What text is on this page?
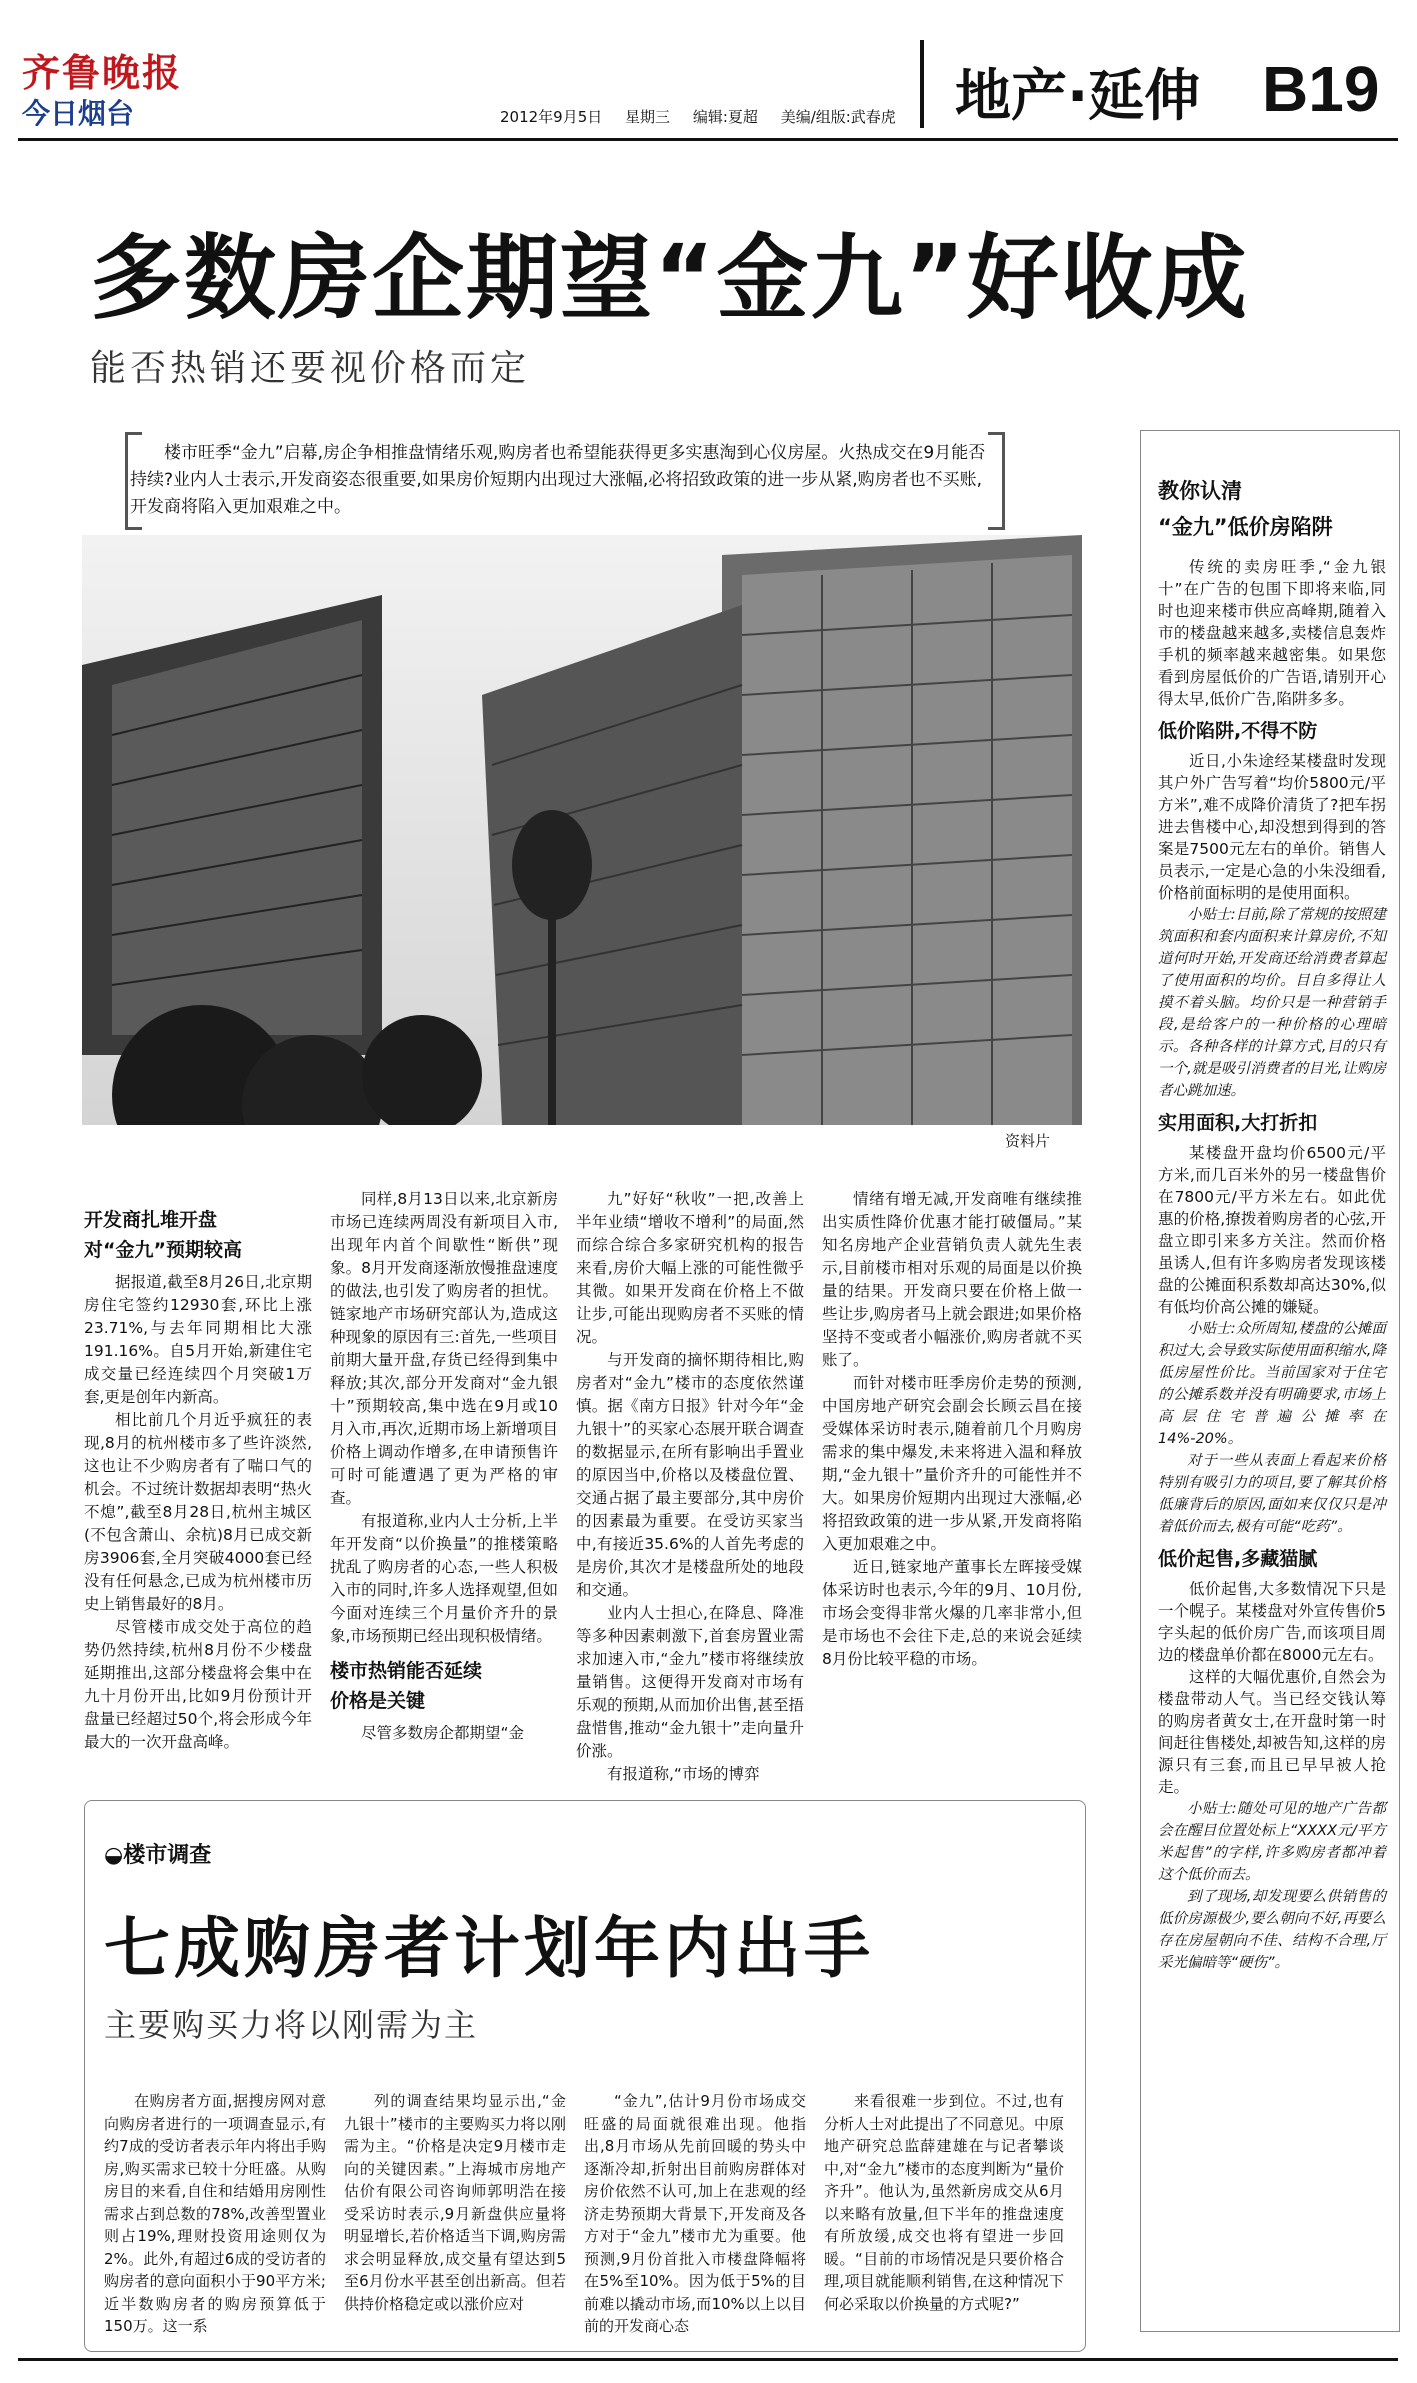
齐鲁晚报
今日烟台	2012年9月5日 星期三 编辑:夏超 美编/组版:武春虎	地产·延伸 B19
多数房企期望“金九”好收成
能否热销还要视价格而定
楼市旺季“金九”启幕,房企争相推盘情绪乐观,购房者也希望能获得更多实惠淘到心仪房屋。火热成交在9月能否持续?业内人士表示,开发商姿态很重要,如果房价短期内出现过大涨幅,必将招致政策的进一步从紧,购房者也不买账,开发商将陷入更加艰难之中。
资料片
开发商扎堆开盘
对“金九”预期较高

据报道,截至8月26日,北京期房住宅签约12930套,环比上涨23.71%,与去年同期相比大涨191.16%。自5月开始,新建住宅成交量已经连续四个月突破1万套,更是创年内新高。

相比前几个月近乎疯狂的表现,8月的杭州楼市多了些许淡然,这也让不少购房者有了喘口气的机会。不过统计数据却表明“热火不熄”,截至8月28日,杭州主城区(不包含萧山、余杭)8月已成交新房3906套,全月突破4000套已经没有任何悬念,已成为杭州楼市历史上销售最好的8月。

尽管楼市成交处于高位的趋势仍然持续,杭州8月份不少楼盘延期推出,这部分楼盘将会集中在九十月份开出,比如9月份预计开盘量已经超过50个,将会形成今年最大的一次开盘高峰。

同样,8月13日以来,北京新房市场已连续两周没有新项目入市,出现年内首个间歇性“断供”现象。8月开发商逐渐放慢推盘速度的做法,也引发了购房者的担忧。链家地产市场研究部认为,造成这种现象的原因有三:首先,一些项目前期大量开盘,存货已经得到集中释放;其次,部分开发商对“金九银十”预期较高,集中选在9月或10月入市,再次,近期市场上新增项目价格上调动作增多,在申请预售许可时可能遭遇了更为严格的审查。

有报道称,业内人士分析,上半年开发商“以价换量”的推楼策略扰乱了购房者的心态,一些人积极入市的同时,许多人选择观望,但如今面对连续三个月量价齐升的景象,市场预期已经出现积极情绪。

楼市热销能否延续
价格是关键

尽管多数房企都期望“金

九”好好“秋收”一把,改善上半年业绩“增收不增利”的局面,然而综合综合多家研究机构的报告来看,房价大幅上涨的可能性微乎其微。如果开发商在价格上不做让步,可能出现购房者不买账的情况。

与开发商的摘怀期待相比,购房者对“金九”楼市的态度依然谨慎。据《南方日报》针对今年“金九银十”的买家心态展开联合调查的数据显示,在所有影响出手置业的原因当中,价格以及楼盘位置、交通占据了最主要部分,其中房价的因素最为重要。在受访买家当中,有接近35.6%的人首先考虑的是房价,其次才是楼盘所处的地段和交通。

业内人士担心,在降息、降准等多种因素刺激下,首套房置业需求加速入市,“金九”楼市将继续放量销售。这便得开发商对市场有乐观的预期,从而加价出售,甚至捂盘惜售,推动“金九银十”走向量升价涨。

有报道称,“市场的博弈

情绪有增无减,开发商唯有继续推出实质性降价优惠才能打破僵局。”某知名房地产企业营销负责人就先生表示,目前楼市相对乐观的局面是以价换量的结果。开发商只要在价格上做一些让步,购房者马上就会跟进;如果价格坚持不变或者小幅涨价,购房者就不买账了。

而针对楼市旺季房价走势的预测,中国房地产研究会副会长顾云昌在接受媒体采访时表示,随着前几个月购房需求的集中爆发,未来将进入温和释放期,“金九银十”量价齐升的可能性并不大。如果房价短期内出现过大涨幅,必将招致政策的进一步从紧,开发商将陷入更加艰难之中。

近日,链家地产董事长左晖接受媒体采访时也表示,今年的9月、10月份,市场会变得非常火爆的几率非常小,但是市场也不会往下走,总的来说会延续8月份比较平稳的市场。

教你认清
“金九”低价房陷阱

传统的卖房旺季,“金九银十”在广告的包围下即将来临,同时也迎来楼市供应高峰期,随着入市的楼盘越来越多,卖楼信息轰炸手机的频率越来越密集。如果您看到房屋低价的广告语,请别开心得太早,低价广告,陷阱多多。

低价陷阱,不得不防

近日,小朱途经某楼盘时发现其户外广告写着“均价5800元/平方米”,难不成降价清货了?把车拐进去售楼中心,却没想到得到的答案是7500元左右的单价。销售人员表示,一定是心急的小朱没细看,价格前面标明的是使用面积。

小贴士:目前,除了常规的按照建筑面积和套内面积来计算房价,不知道何时开始,开发商还给消费者算起了使用面积的均价。目自多得让人摸不着头脑。均价只是一种营销手段,是给客户的一种价格的心理暗示。各种各样的计算方式,目的只有一个,就是吸引消费者的目光,让购房者心跳加速。

实用面积,大打折扣

某楼盘开盘均价6500元/平方米,而几百米外的另一楼盘售价在7800元/平方米左右。如此优惠的价格,撩拨着购房者的心弦,开盘立即引来多方关注。然而价格虽诱人,但有许多购房者发现该楼盘的公摊面积系数却高达30%,似有低均价高公摊的嫌疑。

小贴士:众所周知,楼盘的公摊面积过大,会导致实际使用面积缩水,降低房屋性价比。当前国家对于住宅的公摊系数并没有明确要求,市场上高层住宅普遍公摊率在14%-20%。

对于一些从表面上看起来价格特别有吸引力的项目,要了解其价格低廉背后的原因,面如来仅仅只是冲着低价而去,极有可能“吃药”。

低价起售,多藏猫腻

低价起售,大多数情况下只是一个幌子。某楼盘对外宣传售价5字头起的低价房广告,而该项目周边的楼盘单价都在8000元左右。

这样的大幅优惠价,自然会为楼盘带动人气。当已经交钱认筹的购房者黄女士,在开盘时第一时间赶往售楼处,却被告知,这样的房源只有三套,而且已早早被人抢走。

小贴士:随处可见的地产广告都会在醒目位置处标上“XXXX元/平方米起售”的字样,许多购房者都冲着这个低价而去。

到了现场,却发现要么供销售的低价房源极少,要么朝向不好,再要么存在房屋朝向不佳、结构不合理,厅采光偏暗等“硬伤”。

◒楼市调查
七成购房者计划年内出手
主要购买力将以刚需为主

在购房者方面,据搜房网对意向购房者进行的一项调查显示,有约7成的受访者表示年内将出手购房,购买需求已较十分旺盛。从购房目的来看,自住和结婚用房刚性需求占到总数的78%,改善型置业则占19%,理财投资用途则仅为2%。此外,有超过6成的受访者的购房者的意向面积小于90平方米;近半数购房者的购房预算低于150万。这一系

列的调查结果均显示出,“金九银十”楼市的主要购买力将以刚需为主。“价格是决定9月楼市走向的关键因素。”上海城市房地产估价有限公司咨询师郭明浩在接受采访时表示,9月新盘供应量将明显增长,若价格适当下调,购房需求会明显释放,成交量有望达到5至6月份水平甚至创出新高。但若供持价格稳定或以涨价应对

“金九”,估计9月份市场成交旺盛的局面就很难出现。他指出,8月市场从先前回暖的势头中逐渐冷却,折射出目前购房群体对房价依然不认可,加上在悲观的经济走势预期大背景下,开发商及各方对于“金九”楼市尤为重要。他预测,9月份首批入市楼盘降幅将在5%至10%。因为低于5%的目前难以撬动市场,而10%以上以目前的开发商心态

来看很难一步到位。不过,也有分析人士对此提出了不同意见。中原地产研究总监薛建雄在与记者攀谈中,对“金九”楼市的态度判断为“量价齐升”。他认为,虽然新房成交从6月以来略有放量,但下半年的推盘速度有所放缓,成交也将有望进一步回暖。“目前的市场情况是只要价格合理,项目就能顺利销售,在这种情况下何必采取以价换量的方式呢?”
